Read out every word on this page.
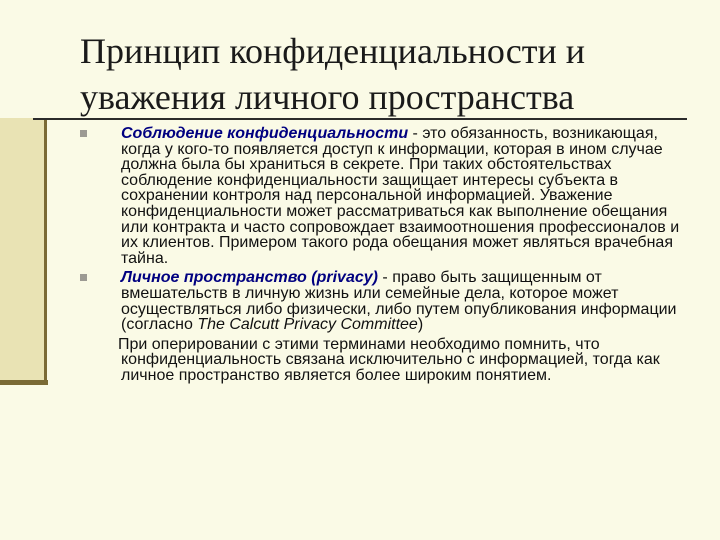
Принцип конфиденциальности и
уважения личного пространства

Соблюдение конфиденциальности - это обязанность, возникающая, когда у кого-то появляется доступ к информации, которая в ином случае должна была бы храниться в секрете. При таких обстоятельствах соблюдение конфиденциальности защищает интересы субъекта в сохранении контроля над персональной информацией. Уважение конфиденциальности может рассматриваться как выполнение обещания или контракта и часто сопровождает взаимоотношения профессионалов и их клиентов. Примером такого рода обещания может являться врачебная тайна.

Личное пространство (privacy) - право быть защищенным от вмешательств в личную жизнь или семейные дела, которое может осуществляться либо физически, либо путем опубликования информации (согласно The Calcutt Privacy Committee)

При оперировании с этими терминами необходимо помнить, что конфиденциальность связана исключительно с информацией, тогда как личное пространство является более широким понятием.
